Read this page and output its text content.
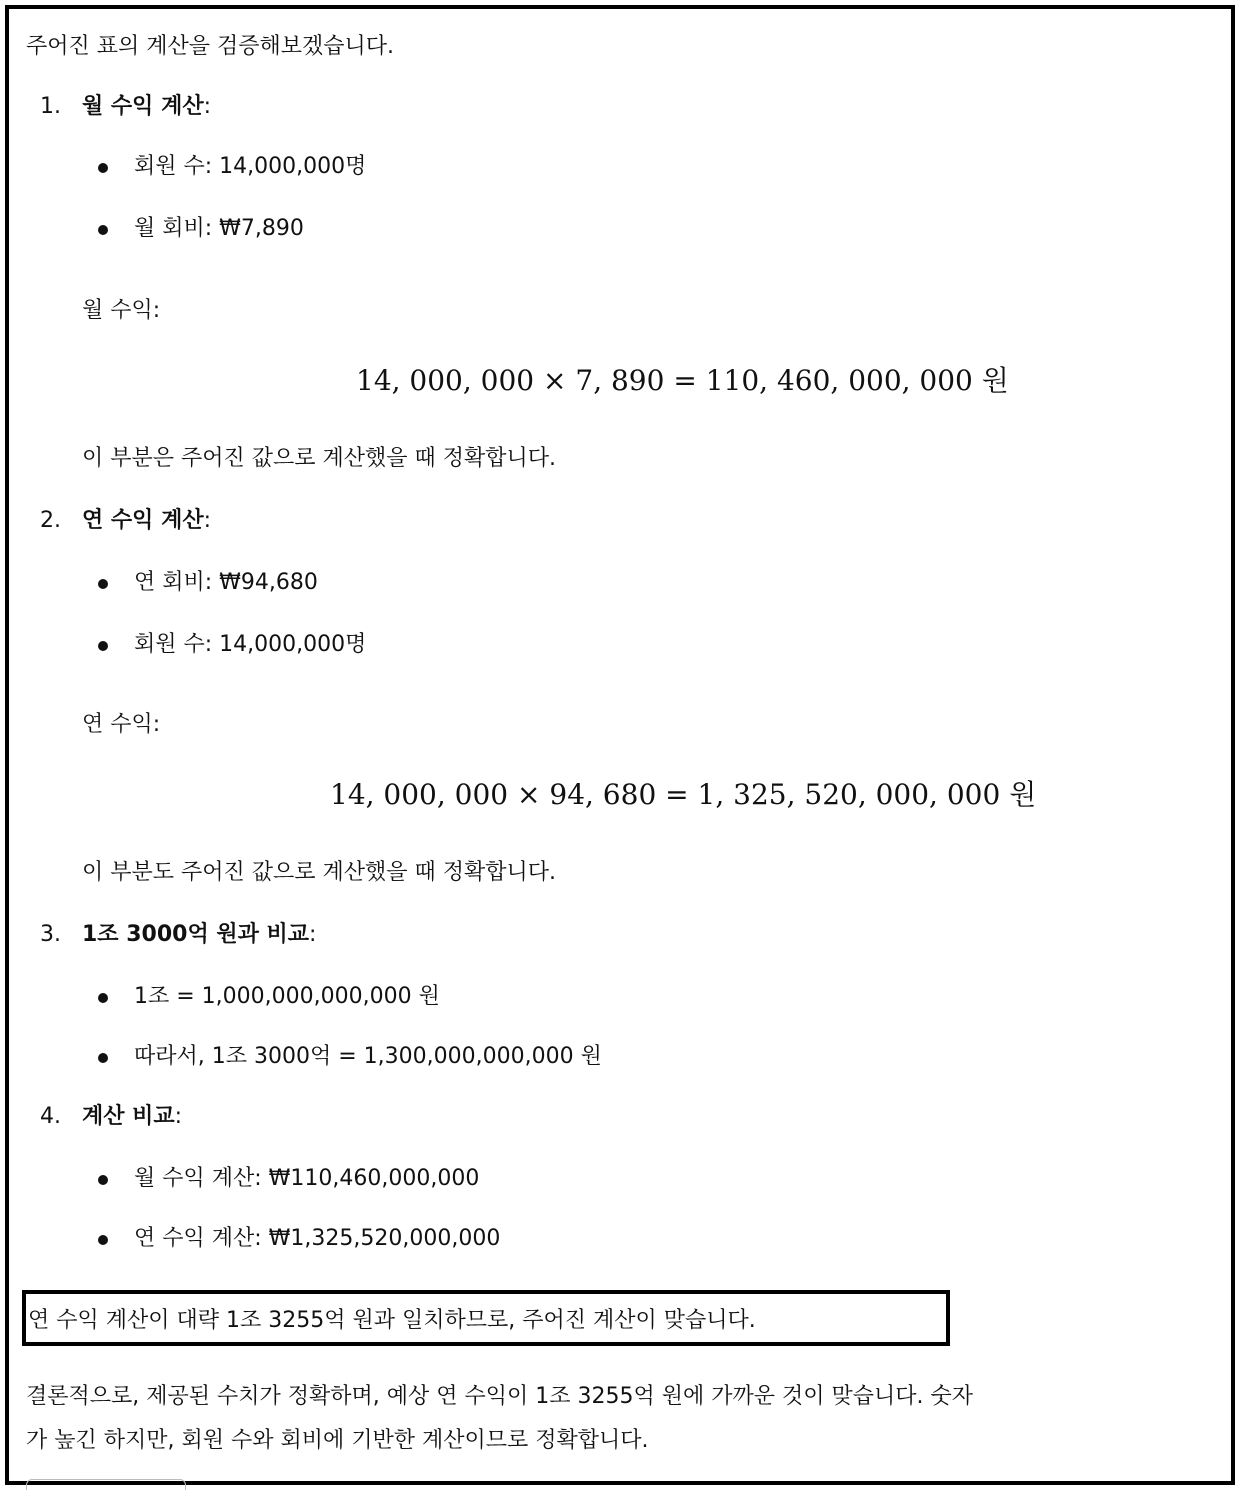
주어진 표의 계산을 검증해보겠습니다.
1. 월 수익 계산:
회원 수: 14,000,000명
월 회비: ₩7,890
월 수익:
14, 000, 000 × 7, 890 = 110, 460, 000, 000 원
이 부분은 주어진 값으로 계산했을 때 정확합니다.
2. 연 수익 계산:
연 회비: ₩94,680
회원 수: 14,000,000명
연 수익:
14, 000, 000 × 94, 680 = 1, 325, 520, 000, 000 원
이 부분도 주어진 값으로 계산했을 때 정확합니다.
3. 1조 3000억 원과 비교:
1조 = 1,000,000,000,000 원
따라서, 1조 3000억 = 1,300,000,000,000 원
4. 계산 비교:
월 수익 계산: ₩110,460,000,000
연 수익 계산: ₩1,325,520,000,000
연 수익 계산이 대략 1조 3255억 원과 일치하므로, 주어진 계산이 맞습니다.
결론적으로, 제공된 수치가 정확하며, 예상 연 수익이 1조 3255억 원에 가까운 것이 맞습니다. 숫자
가 높긴 하지만, 회원 수와 회비에 기반한 계산이므로 정확합니다.
